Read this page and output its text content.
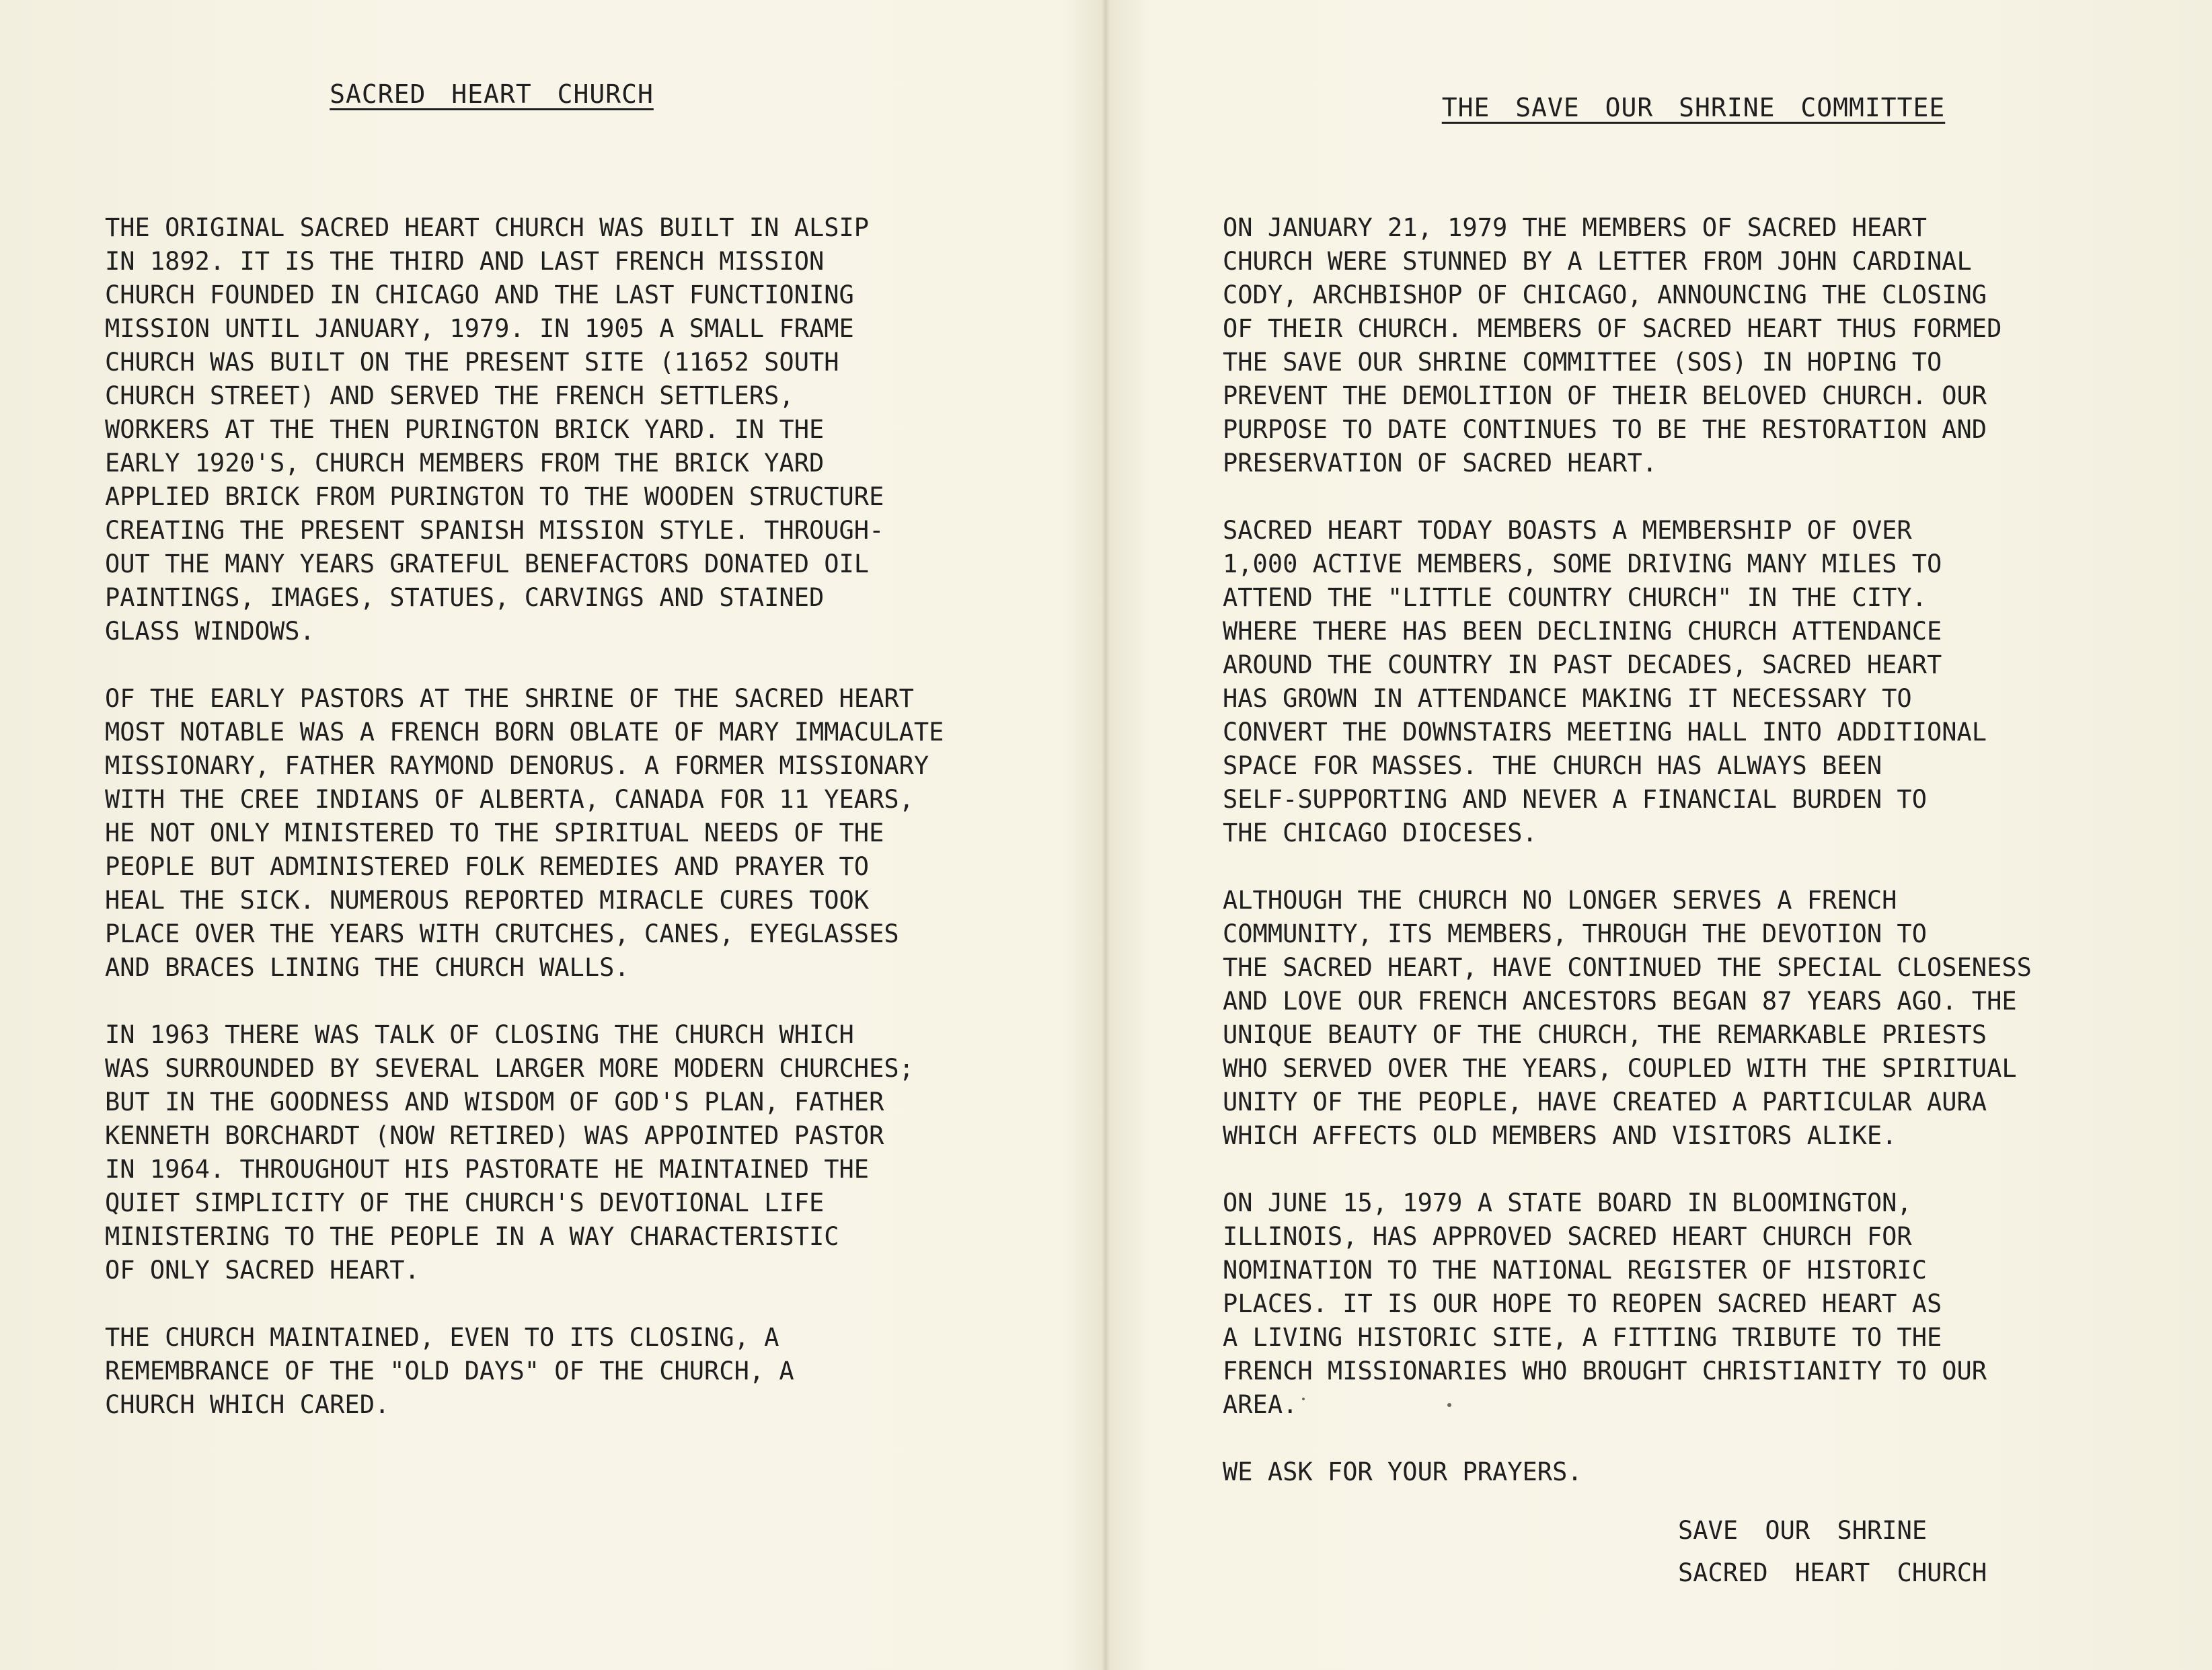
SACRED HEART CHURCH
THE ORIGINAL SACRED HEART CHURCH WAS BUILT IN ALSIP
IN 1892. IT IS THE THIRD AND LAST FRENCH MISSION
CHURCH FOUNDED IN CHICAGO AND THE LAST FUNCTIONING
MISSION UNTIL JANUARY, 1979. IN 1905 A SMALL FRAME
CHURCH WAS BUILT ON THE PRESENT SITE (11652 SOUTH
CHURCH STREET) AND SERVED THE FRENCH SETTLERS,
WORKERS AT THE THEN PURINGTON BRICK YARD. IN THE
EARLY 1920'S, CHURCH MEMBERS FROM THE BRICK YARD
APPLIED BRICK FROM PURINGTON TO THE WOODEN STRUCTURE
CREATING THE PRESENT SPANISH MISSION STYLE. THROUGH-
OUT THE MANY YEARS GRATEFUL BENEFACTORS DONATED OIL
PAINTINGS, IMAGES, STATUES, CARVINGS AND STAINED
GLASS WINDOWS.
OF THE EARLY PASTORS AT THE SHRINE OF THE SACRED HEART
MOST NOTABLE WAS A FRENCH BORN OBLATE OF MARY IMMACULATE
MISSIONARY, FATHER RAYMOND DENORUS. A FORMER MISSIONARY
WITH THE CREE INDIANS OF ALBERTA, CANADA FOR 11 YEARS,
HE NOT ONLY MINISTERED TO THE SPIRITUAL NEEDS OF THE
PEOPLE BUT ADMINISTERED FOLK REMEDIES AND PRAYER TO
HEAL THE SICK. NUMEROUS REPORTED MIRACLE CURES TOOK
PLACE OVER THE YEARS WITH CRUTCHES, CANES, EYEGLASSES
AND BRACES LINING THE CHURCH WALLS.
IN 1963 THERE WAS TALK OF CLOSING THE CHURCH WHICH
WAS SURROUNDED BY SEVERAL LARGER MORE MODERN CHURCHES;
BUT IN THE GOODNESS AND WISDOM OF GOD'S PLAN, FATHER
KENNETH BORCHARDT (NOW RETIRED) WAS APPOINTED PASTOR
IN 1964. THROUGHOUT HIS PASTORATE HE MAINTAINED THE
QUIET SIMPLICITY OF THE CHURCH'S DEVOTIONAL LIFE
MINISTERING TO THE PEOPLE IN A WAY CHARACTERISTIC
OF ONLY SACRED HEART.
THE CHURCH MAINTAINED, EVEN TO ITS CLOSING, A
REMEMBRANCE OF THE "OLD DAYS" OF THE CHURCH, A
CHURCH WHICH CARED.
THE SAVE OUR SHRINE COMMITTEE
ON JANUARY 21, 1979 THE MEMBERS OF SACRED HEART
CHURCH WERE STUNNED BY A LETTER FROM JOHN CARDINAL
CODY, ARCHBISHOP OF CHICAGO, ANNOUNCING THE CLOSING
OF THEIR CHURCH. MEMBERS OF SACRED HEART THUS FORMED
THE SAVE OUR SHRINE COMMITTEE (SOS) IN HOPING TO
PREVENT THE DEMOLITION OF THEIR BELOVED CHURCH. OUR
PURPOSE TO DATE CONTINUES TO BE THE RESTORATION AND
PRESERVATION OF SACRED HEART.
SACRED HEART TODAY BOASTS A MEMBERSHIP OF OVER
1,000 ACTIVE MEMBERS, SOME DRIVING MANY MILES TO
ATTEND THE "LITTLE COUNTRY CHURCH" IN THE CITY.
WHERE THERE HAS BEEN DECLINING CHURCH ATTENDANCE
AROUND THE COUNTRY IN PAST DECADES, SACRED HEART
HAS GROWN IN ATTENDANCE MAKING IT NECESSARY TO
CONVERT THE DOWNSTAIRS MEETING HALL INTO ADDITIONAL
SPACE FOR MASSES. THE CHURCH HAS ALWAYS BEEN
SELF-SUPPORTING AND NEVER A FINANCIAL BURDEN TO
THE CHICAGO DIOCESES.
ALTHOUGH THE CHURCH NO LONGER SERVES A FRENCH
COMMUNITY, ITS MEMBERS, THROUGH THE DEVOTION TO
THE SACRED HEART, HAVE CONTINUED THE SPECIAL CLOSENESS
AND LOVE OUR FRENCH ANCESTORS BEGAN 87 YEARS AGO. THE
UNIQUE BEAUTY OF THE CHURCH, THE REMARKABLE PRIESTS
WHO SERVED OVER THE YEARS, COUPLED WITH THE SPIRITUAL
UNITY OF THE PEOPLE, HAVE CREATED A PARTICULAR AURA
WHICH AFFECTS OLD MEMBERS AND VISITORS ALIKE.
ON JUNE 15, 1979 A STATE BOARD IN BLOOMINGTON,
ILLINOIS, HAS APPROVED SACRED HEART CHURCH FOR
NOMINATION TO THE NATIONAL REGISTER OF HISTORIC
PLACES. IT IS OUR HOPE TO REOPEN SACRED HEART AS
A LIVING HISTORIC SITE, A FITTING TRIBUTE TO THE
FRENCH MISSIONARIES WHO BROUGHT CHRISTIANITY TO OUR
AREA.
WE ASK FOR YOUR PRAYERS.
SAVE OUR SHRINE
SACRED HEART CHURCH
